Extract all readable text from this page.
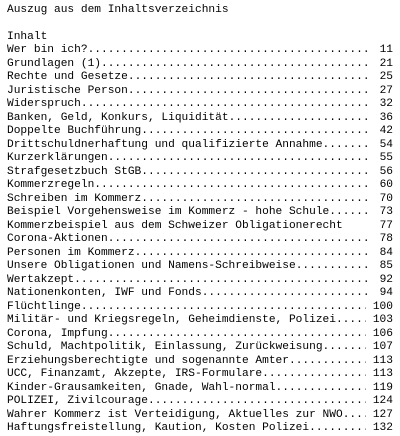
Auszug aus dem Inhaltsverzeichnis
Inhalt
Wer bin ich? .....	11
Grundlagen (1) .....	21
Rechte und Gesetze .....	25
Juristische Person .....	27
Widerspruch .....	32
Banken, Geld, Konkurs, Liquidität .....	36
Doppelte Buchführung .....	42
Drittschuldnerhaftung und qualifizierte Annahme .....	54
Kurzerklärungen .....	55
Strafgesetzbuch StGB .....	56
Kommerzregeln .....	60
Schreiben im Kommerz .....	70
Beispiel Vorgehensweise im Kommerz - hohe Schule .....	73
Kommerzbeispiel aus dem Schweizer Obligationerecht	77
Corona-Aktionen .....	78
Personen im Kommerz .....	84
Unsere Obligationen und Namens-Schreibweise .....	85
Wertakzept .....	92
Nationenkonten, IWF und Fonds .....	94
Flüchtlinge .....	100
Militär- und Kriegsregeln, Geheimdienste, Polizei .....	103
Corona, Impfung .....	106
Schuld, Machtpolitik, Einlassung, Zurückweisung .....	107
Erziehungsberechtigte und sogenannte Ämter .....	113
UCC, Finanzamt, Akzepte, IRS-Formulare .....	113
Kinder-Grausamkeiten, Gnade, Wahl-normal .....	119
POLIZEI, Zivilcourage .....	124
Wahrer Kommerz ist Verteidigung, Aktuelles zur NWO .....	127
Haftungsfreistellung, Kaution, Kosten Polizei .....	132
